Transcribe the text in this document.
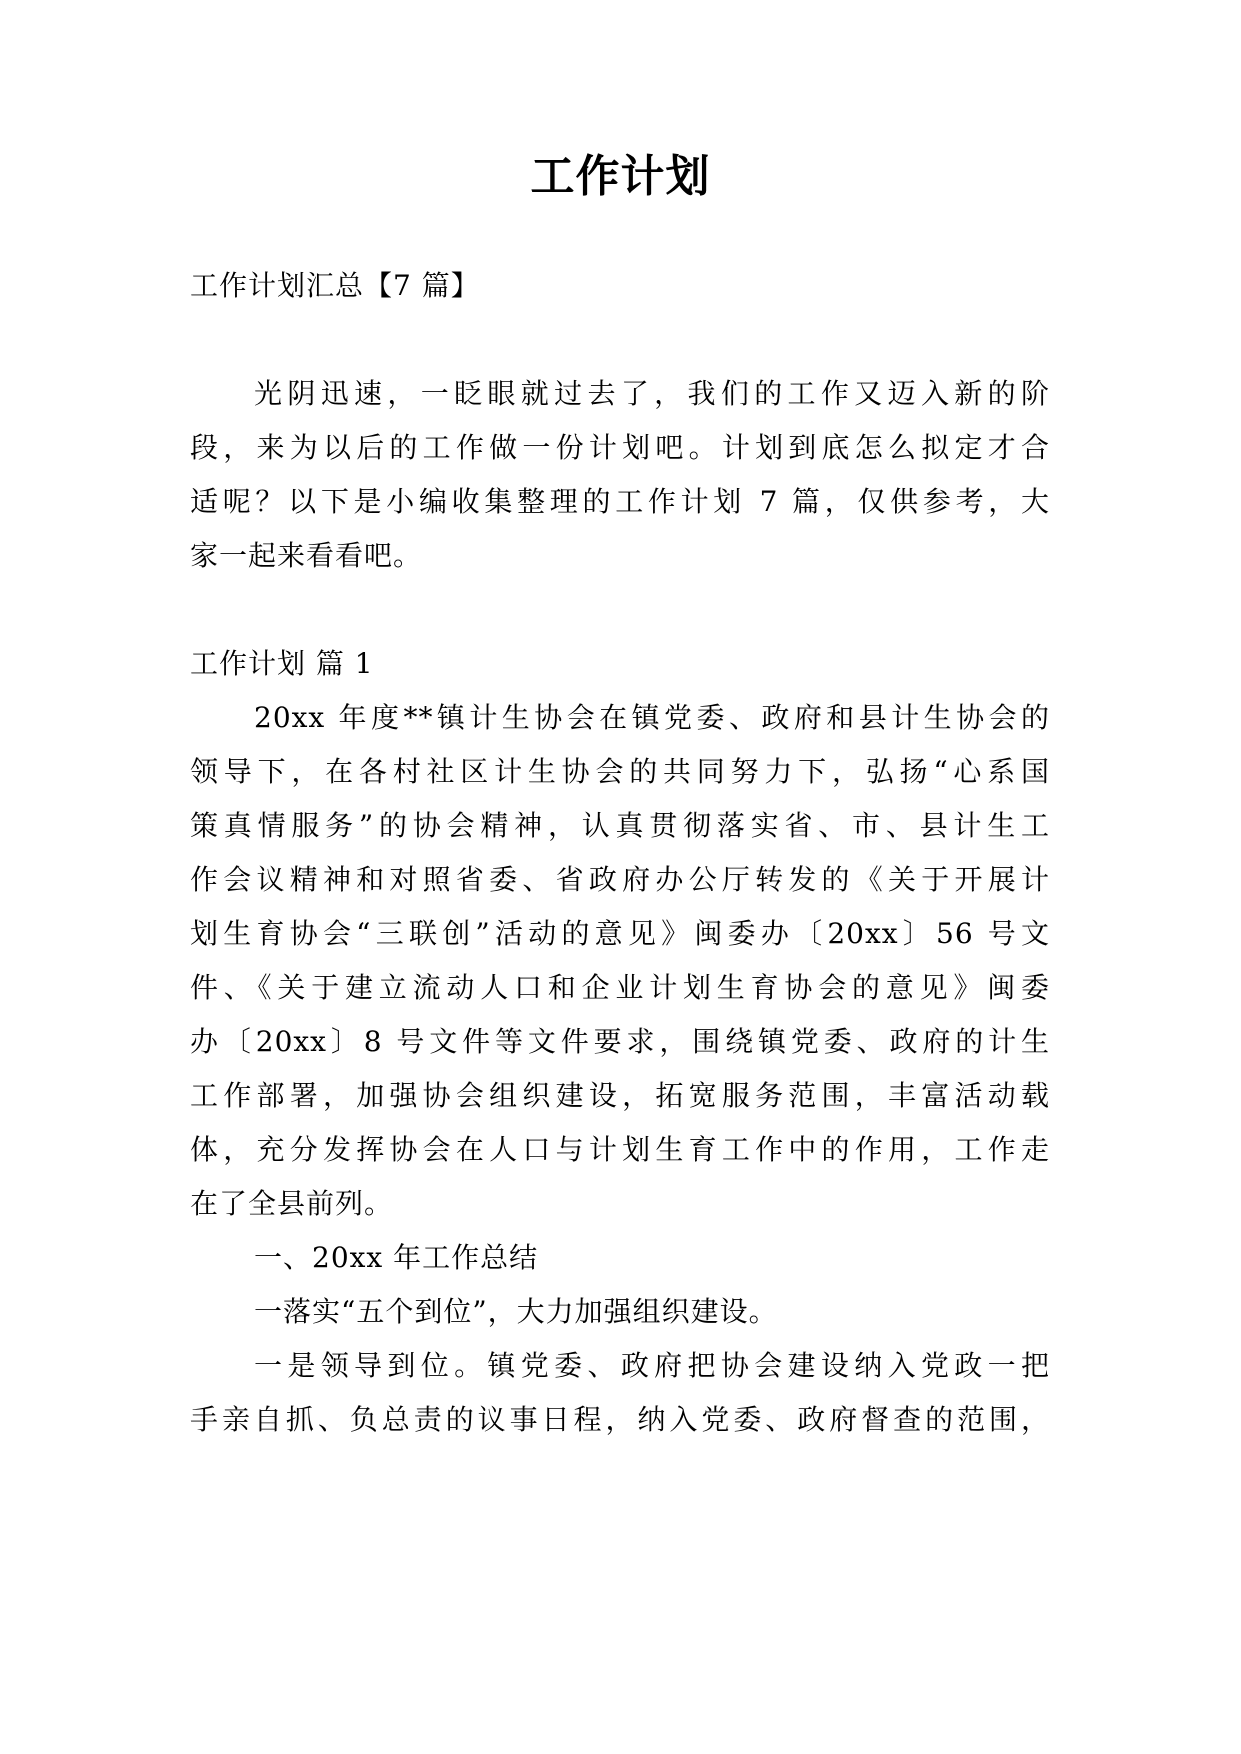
工作计划
工作计划汇总【7 篇】
光阴迅速，一眨眼就过去了，我们的工作又迈入新的阶
段，来为以后的工作做一份计划吧。计划到底怎么拟定才合
适呢？以下是小编收集整理的工作计划 7 篇，仅供参考，大
家一起来看看吧。
工作计划 篇 1
20xx 年度**镇计生协会在镇党委、政府和县计生协会的
领导下，在各村社区计生协会的共同努力下，弘扬“心系国
策真情服务”的协会精神，认真贯彻落实省、市、县计生工
作会议精神和对照省委、省政府办公厅转发的《关于开展计
划生育协会“三联创”活动的意见》闽委办〔20xx〕56 号文
件、《关于建立流动人口和企业计划生育协会的意见》闽委
办〔20xx〕8 号文件等文件要求，围绕镇党委、政府的计生
工作部署，加强协会组织建设，拓宽服务范围，丰富活动载
体，充分发挥协会在人口与计划生育工作中的作用，工作走
在了全县前列。
一、20xx 年工作总结
一落实“五个到位”，大力加强组织建设。
一是领导到位。镇党委、政府把协会建设纳入党政一把
手亲自抓、负总责的议事日程，纳入党委、政府督查的范围，
